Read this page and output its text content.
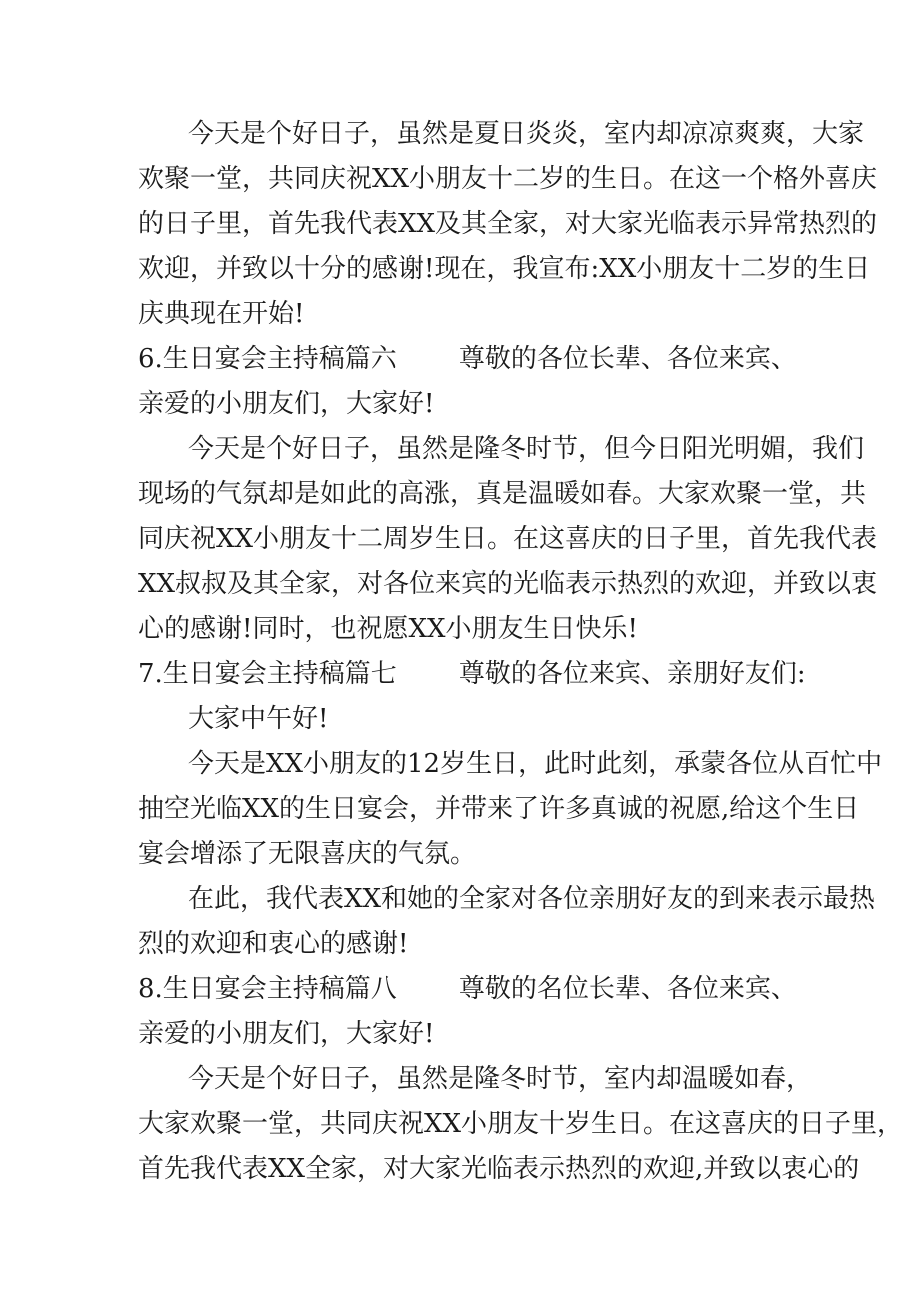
今天是个好日子，虽然是夏日炎炎，室内却凉凉爽爽，大家
欢聚一堂，共同庆祝XX小朋友十二岁的生日。在这一个格外喜庆
的日子里，首先我代表XX及其全家，对大家光临表示异常热烈的
欢迎，并致以十分的感谢!现在，我宣布:XX小朋友十二岁的生日
庆典现在开始!
6.生日宴会主持稿篇六 尊敬的各位长辈、各位来宾、
亲爱的小朋友们，大家好!
今天是个好日子，虽然是隆冬时节，但今日阳光明媚，我们
现场的气氛却是如此的高涨，真是温暖如春。大家欢聚一堂，共
同庆祝XX小朋友十二周岁生日。在这喜庆的日子里，首先我代表
XX叔叔及其全家，对各位来宾的光临表示热烈的欢迎，并致以衷
心的感谢!同时，也祝愿XX小朋友生日快乐!
7.生日宴会主持稿篇七 尊敬的各位来宾、亲朋好友们:
大家中午好!
今天是XX小朋友的12岁生日，此时此刻，承蒙各位从百忙中
抽空光临XX的生日宴会，并带来了许多真诚的祝愿,给这个生日
宴会增添了无限喜庆的气氛。
在此，我代表XX和她的全家对各位亲朋好友的到来表示最热
烈的欢迎和衷心的感谢!
8.生日宴会主持稿篇八 尊敬的名位长辈、各位来宾、
亲爱的小朋友们，大家好!
今天是个好日子，虽然是隆冬时节，室内却温暖如春，
大家欢聚一堂，共同庆祝XX小朋友十岁生日。在这喜庆的日子里，
首先我代表XX全家，对大家光临表示热烈的欢迎,并致以衷心的
